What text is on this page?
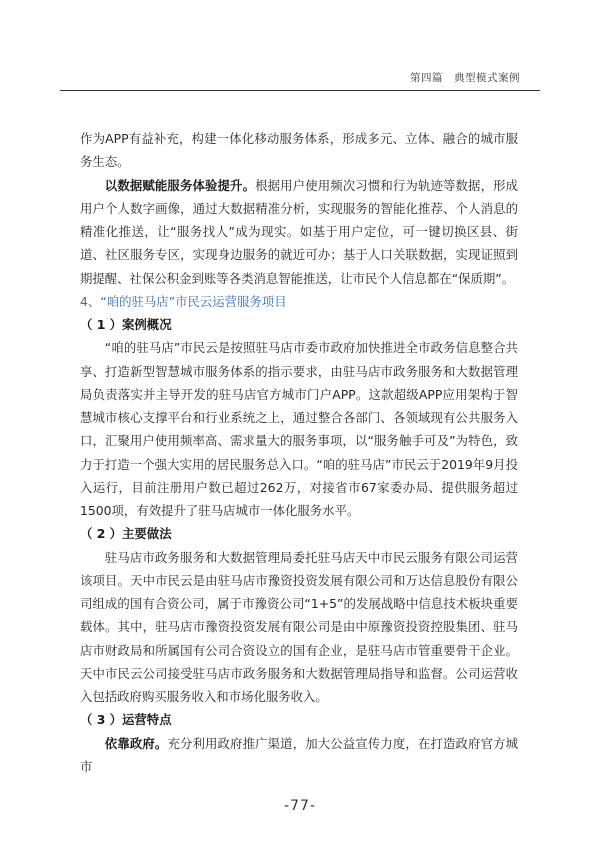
第四篇　典型模式案例

作为APP有益补充，构建一体化移动服务体系，形成多元、立体、融合的城市服务生态。

以数据赋能服务体验提升。根据用户使用频次习惯和行为轨迹等数据，形成用户个人数字画像，通过大数据精准分析，实现服务的智能化推荐、个人消息的精准化推送，让“服务找人”成为现实。如基于用户定位，可一键切换区县、街道、社区服务专区，实现身边服务的就近可办；基于人口关联数据，实现证照到期提醒、社保公积金到账等各类消息智能推送，让市民个人信息都在“保质期”。

4、“咱的驻马店”市民云运营服务项目

（ 1 ）案例概况

“咱的驻马店”市民云是按照驻马店市委市政府加快推进全市政务信息整合共享、打造新型智慧城市服务体系的指示要求，由驻马店市政务服务和大数据管理局负责落实并主导开发的驻马店官方城市门户APP。这款超级APP应用架构于智慧城市核心支撑平台和行业系统之上，通过整合各部门、各领域现有公共服务入口，汇聚用户使用频率高、需求量大的服务事项，以“服务触手可及”为特色，致力于打造一个强大实用的居民服务总入口。“咱的驻马店”市民云于2019年9月投入运行，目前注册用户数已超过262万，对接省市67家委办局、提供服务超过1500项，有效提升了驻马店城市一体化服务水平。

（ 2 ）主要做法

驻马店市政务服务和大数据管理局委托驻马店天中市民云服务有限公司运营该项目。天中市民云是由驻马店市豫资投资发展有限公司和万达信息股份有限公司组成的国有合资公司，属于市豫资公司“1+5”的发展战略中信息技术板块重要载体。其中，驻马店市豫资投资发展有限公司是由中原豫资投资控股集团、驻马店市财政局和所属国有公司合资设立的国有企业，是驻马店市管重要骨干企业。天中市民云公司接受驻马店市政务服务和大数据管理局指导和监督。公司运营收入包括政府购买服务收入和市场化服务收入。

（ 3 ）运营特点

依靠政府。充分利用政府推广渠道，加大公益宣传力度，在打造政府官方城市

-77-
